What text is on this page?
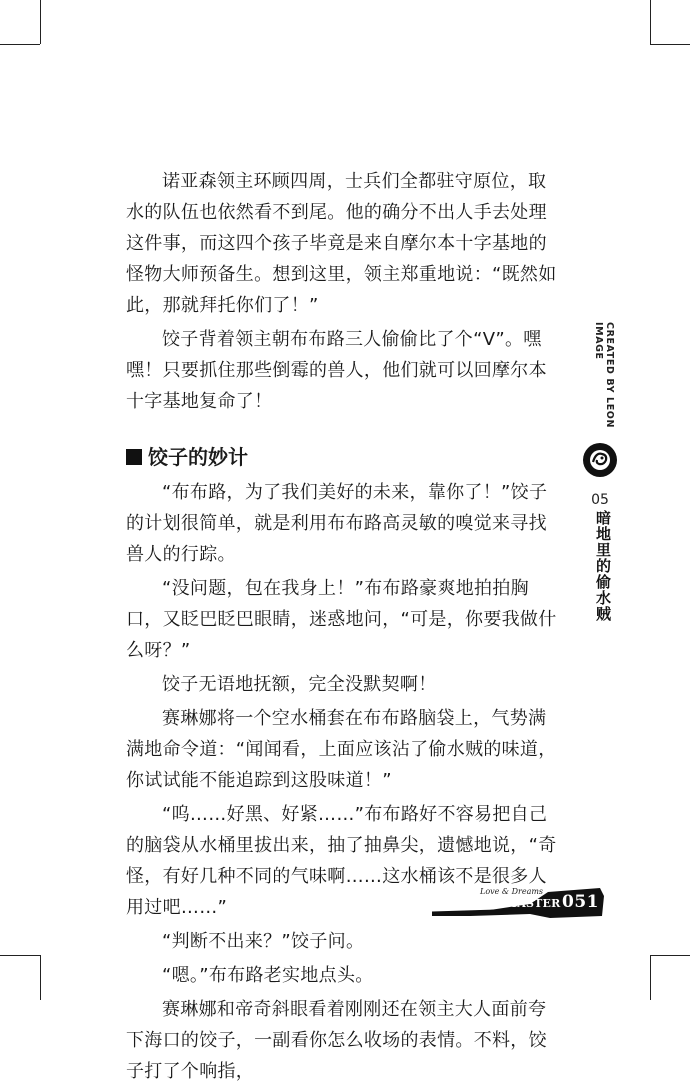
诺亚森领主环顾四周，士兵们全都驻守原位，取水的队伍也依然看不到尾。他的确分不出人手去处理这件事，而这四个孩子毕竟是来自摩尔本十字基地的怪物大师预备生。想到这里，领主郑重地说：“既然如此，那就拜托你们了！”

饺子背着领主朝布布路三人偷偷比了个“V”。嘿嘿！只要抓住那些倒霉的兽人，他们就可以回摩尔本十字基地复命了！

饺子的妙计

“布布路，为了我们美好的未来，靠你了！”饺子的计划很简单，就是利用布布路高灵敏的嗅觉来寻找兽人的行踪。

“没问题，包在我身上！”布布路豪爽地拍拍胸口，又眨巴眨巴眼睛，迷惑地问，“可是，你要我做什么呀？”

饺子无语地抚额，完全没默契啊！

赛琳娜将一个空水桶套在布布路脑袋上，气势满满地命令道：“闻闻看，上面应该沾了偷水贼的味道，你试试能不能追踪到这股味道！”

“呜……好黑、好紧……”布布路好不容易把自己的脑袋从水桶里拔出来，抽了抽鼻尖，遗憾地说，“奇怪，有好几种不同的气味啊……这水桶该不是很多人用过吧……”

“判断不出来？”饺子问。

“嗯。”布布路老实地点头。

赛琳娜和帝奇斜眼看着刚刚还在领主大人面前夸下海口的饺子，一副看你怎么收场的表情。不料，饺子打了个响指，

CREATED BY LEON IMAGE
05
暗地里的偷水贼
Love & Dreams
MONSTER MASTER 051
